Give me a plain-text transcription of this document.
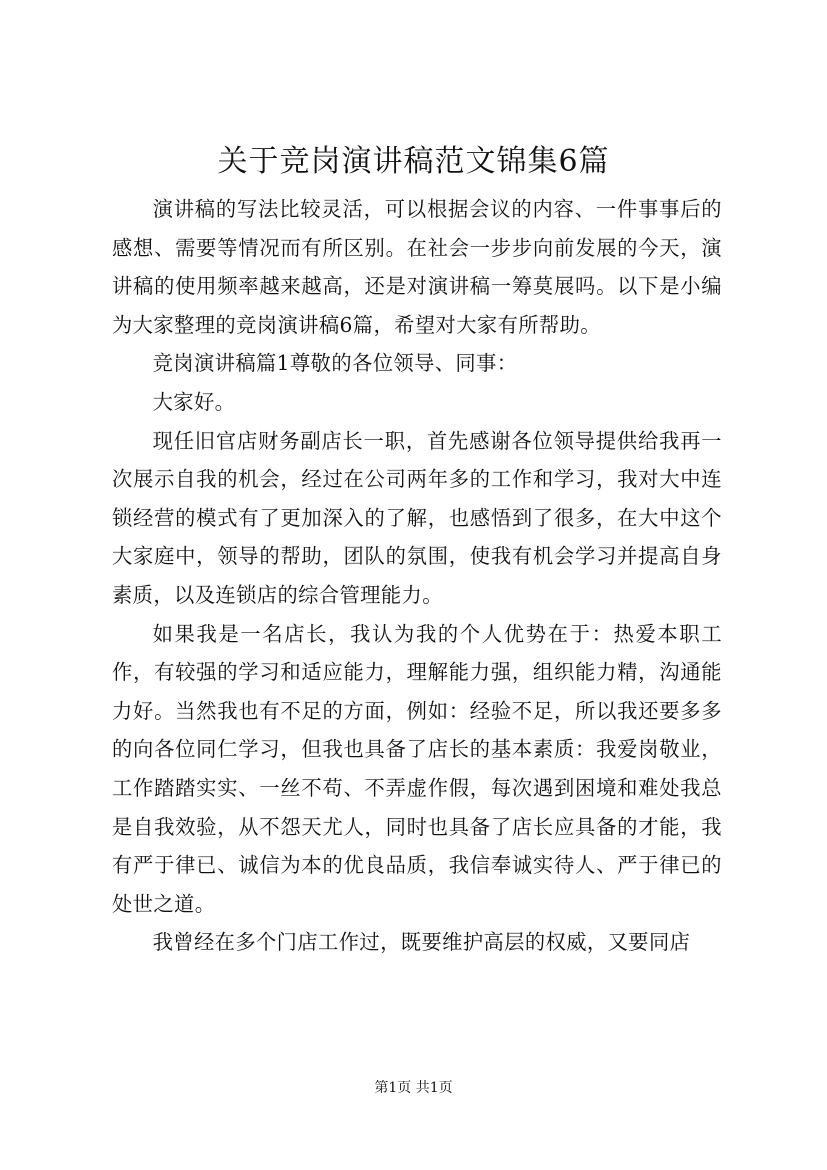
关于竞岗演讲稿范文锦集6篇

演讲稿的写法比较灵活，可以根据会议的内容、一件事事后的感想、需要等情况而有所区别。在社会一步步向前发展的今天，演讲稿的使用频率越来越高，还是对演讲稿一筹莫展吗。以下是小编为大家整理的竞岗演讲稿6篇，希望对大家有所帮助。

竞岗演讲稿篇1尊敬的各位领导、同事：

大家好。

现任旧官店财务副店长一职，首先感谢各位领导提供给我再一次展示自我的机会，经过在公司两年多的工作和学习，我对大中连锁经营的模式有了更加深入的了解，也感悟到了很多，在大中这个大家庭中，领导的帮助，团队的氛围，使我有机会学习并提高自身素质，以及连锁店的综合管理能力。

如果我是一名店长，我认为我的个人优势在于：热爱本职工作，有较强的学习和适应能力，理解能力强，组织能力精，沟通能力好。当然我也有不足的方面，例如：经验不足，所以我还要多多的向各位同仁学习，但我也具备了店长的基本素质：我爱岗敬业，工作踏踏实实、一丝不苟、不弄虚作假，每次遇到困境和难处我总是自我效验，从不怨天尤人，同时也具备了店长应具备的才能，我有严于律已、诚信为本的优良品质，我信奉诚实待人、严于律已的处世之道。

我曾经在多个门店工作过，既要维护高层的权威，又要同店

第1页 共1页
